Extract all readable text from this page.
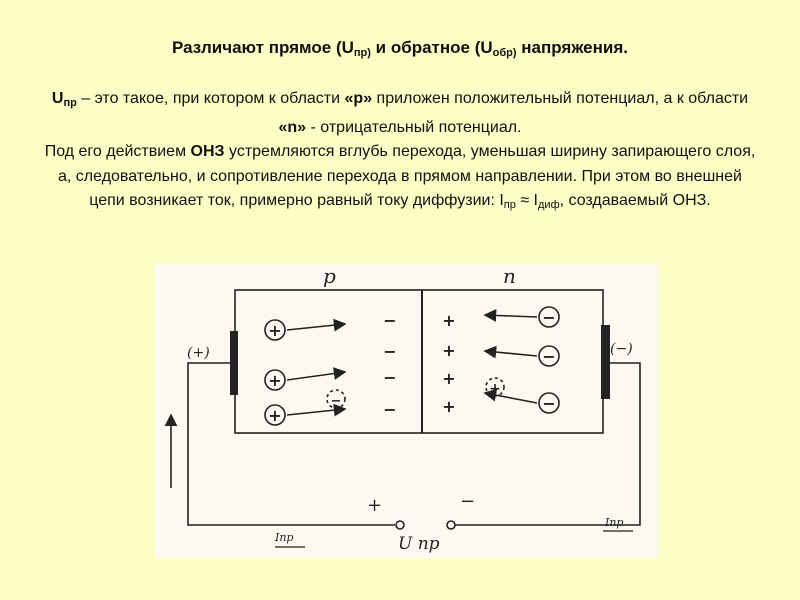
Различают прямое ($U_{пр)}$ и обратное ($U_{обр)}$ напряжения.
$U_{пр}$ – это такое, при котором к области «р» приложен положительный потенциал, а к области «n» - отрицательный потенциал.
Под его действием ОНЗ устремляются вглубь перехода, уменьшая ширину запирающего слоя, а, следовательно, и сопротивление перехода в прямом направлении. При этом во внешней цепи возникает ток, примерно равный току диффузии: $I_{пр} \approx I_{диф}$, создаваемый ОНЗ.
+
+
+
−
−
−
−
+
−
−
−
−
+
+
+
+
p	n
(+)	(−)
+	−
U пр
Iпр
Iпр
